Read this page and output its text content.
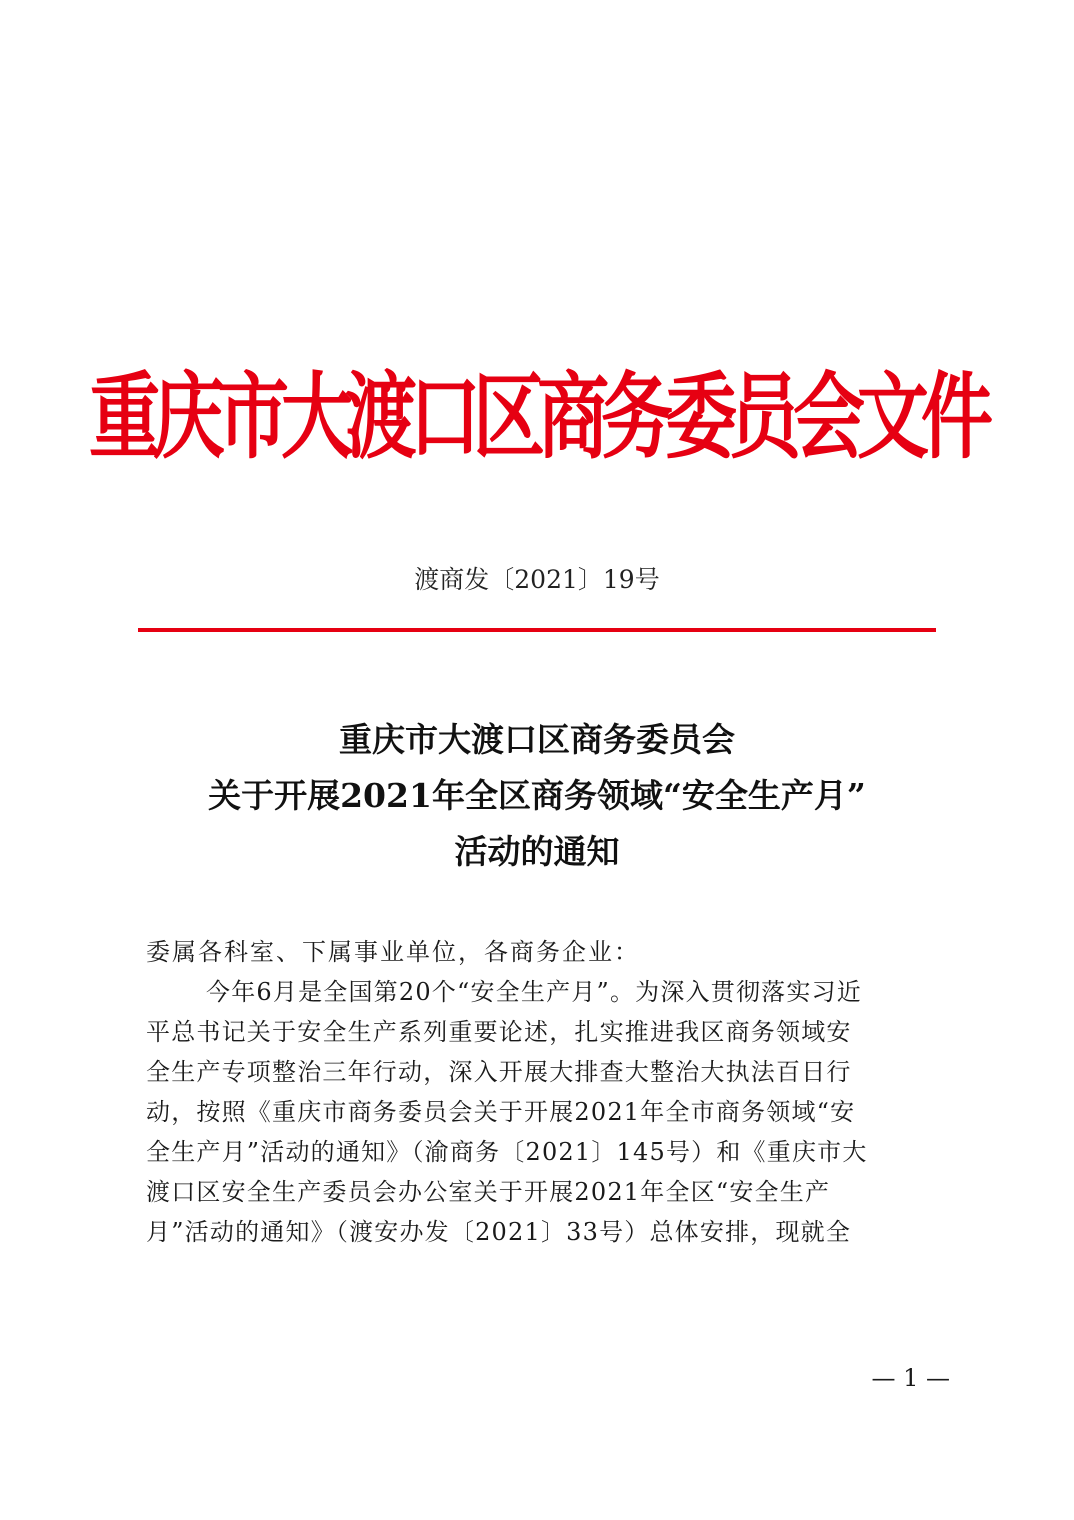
重庆市大渡口区商务委员会文件
渡商发〔2021〕19号
重庆市大渡口区商务委员会
关于开展2021年全区商务领域“安全生产月”
活动的通知
委属各科室、下属事业单位，各商务企业：
今年6月是全国第20个“安全生产月”。为深入贯彻落实习近
平总书记关于安全生产系列重要论述，扎实推进我区商务领域安
全生产专项整治三年行动，深入开展大排查大整治大执法百日行
动，按照《重庆市商务委员会关于开展2021年全市商务领域“安
全生产月”活动的通知》（渝商务〔2021〕145号）和《重庆市大
渡口区安全生产委员会办公室关于开展2021年全区“安全生产
月”活动的通知》（渡安办发〔2021〕33号）总体安排，现就全
— 1 —
